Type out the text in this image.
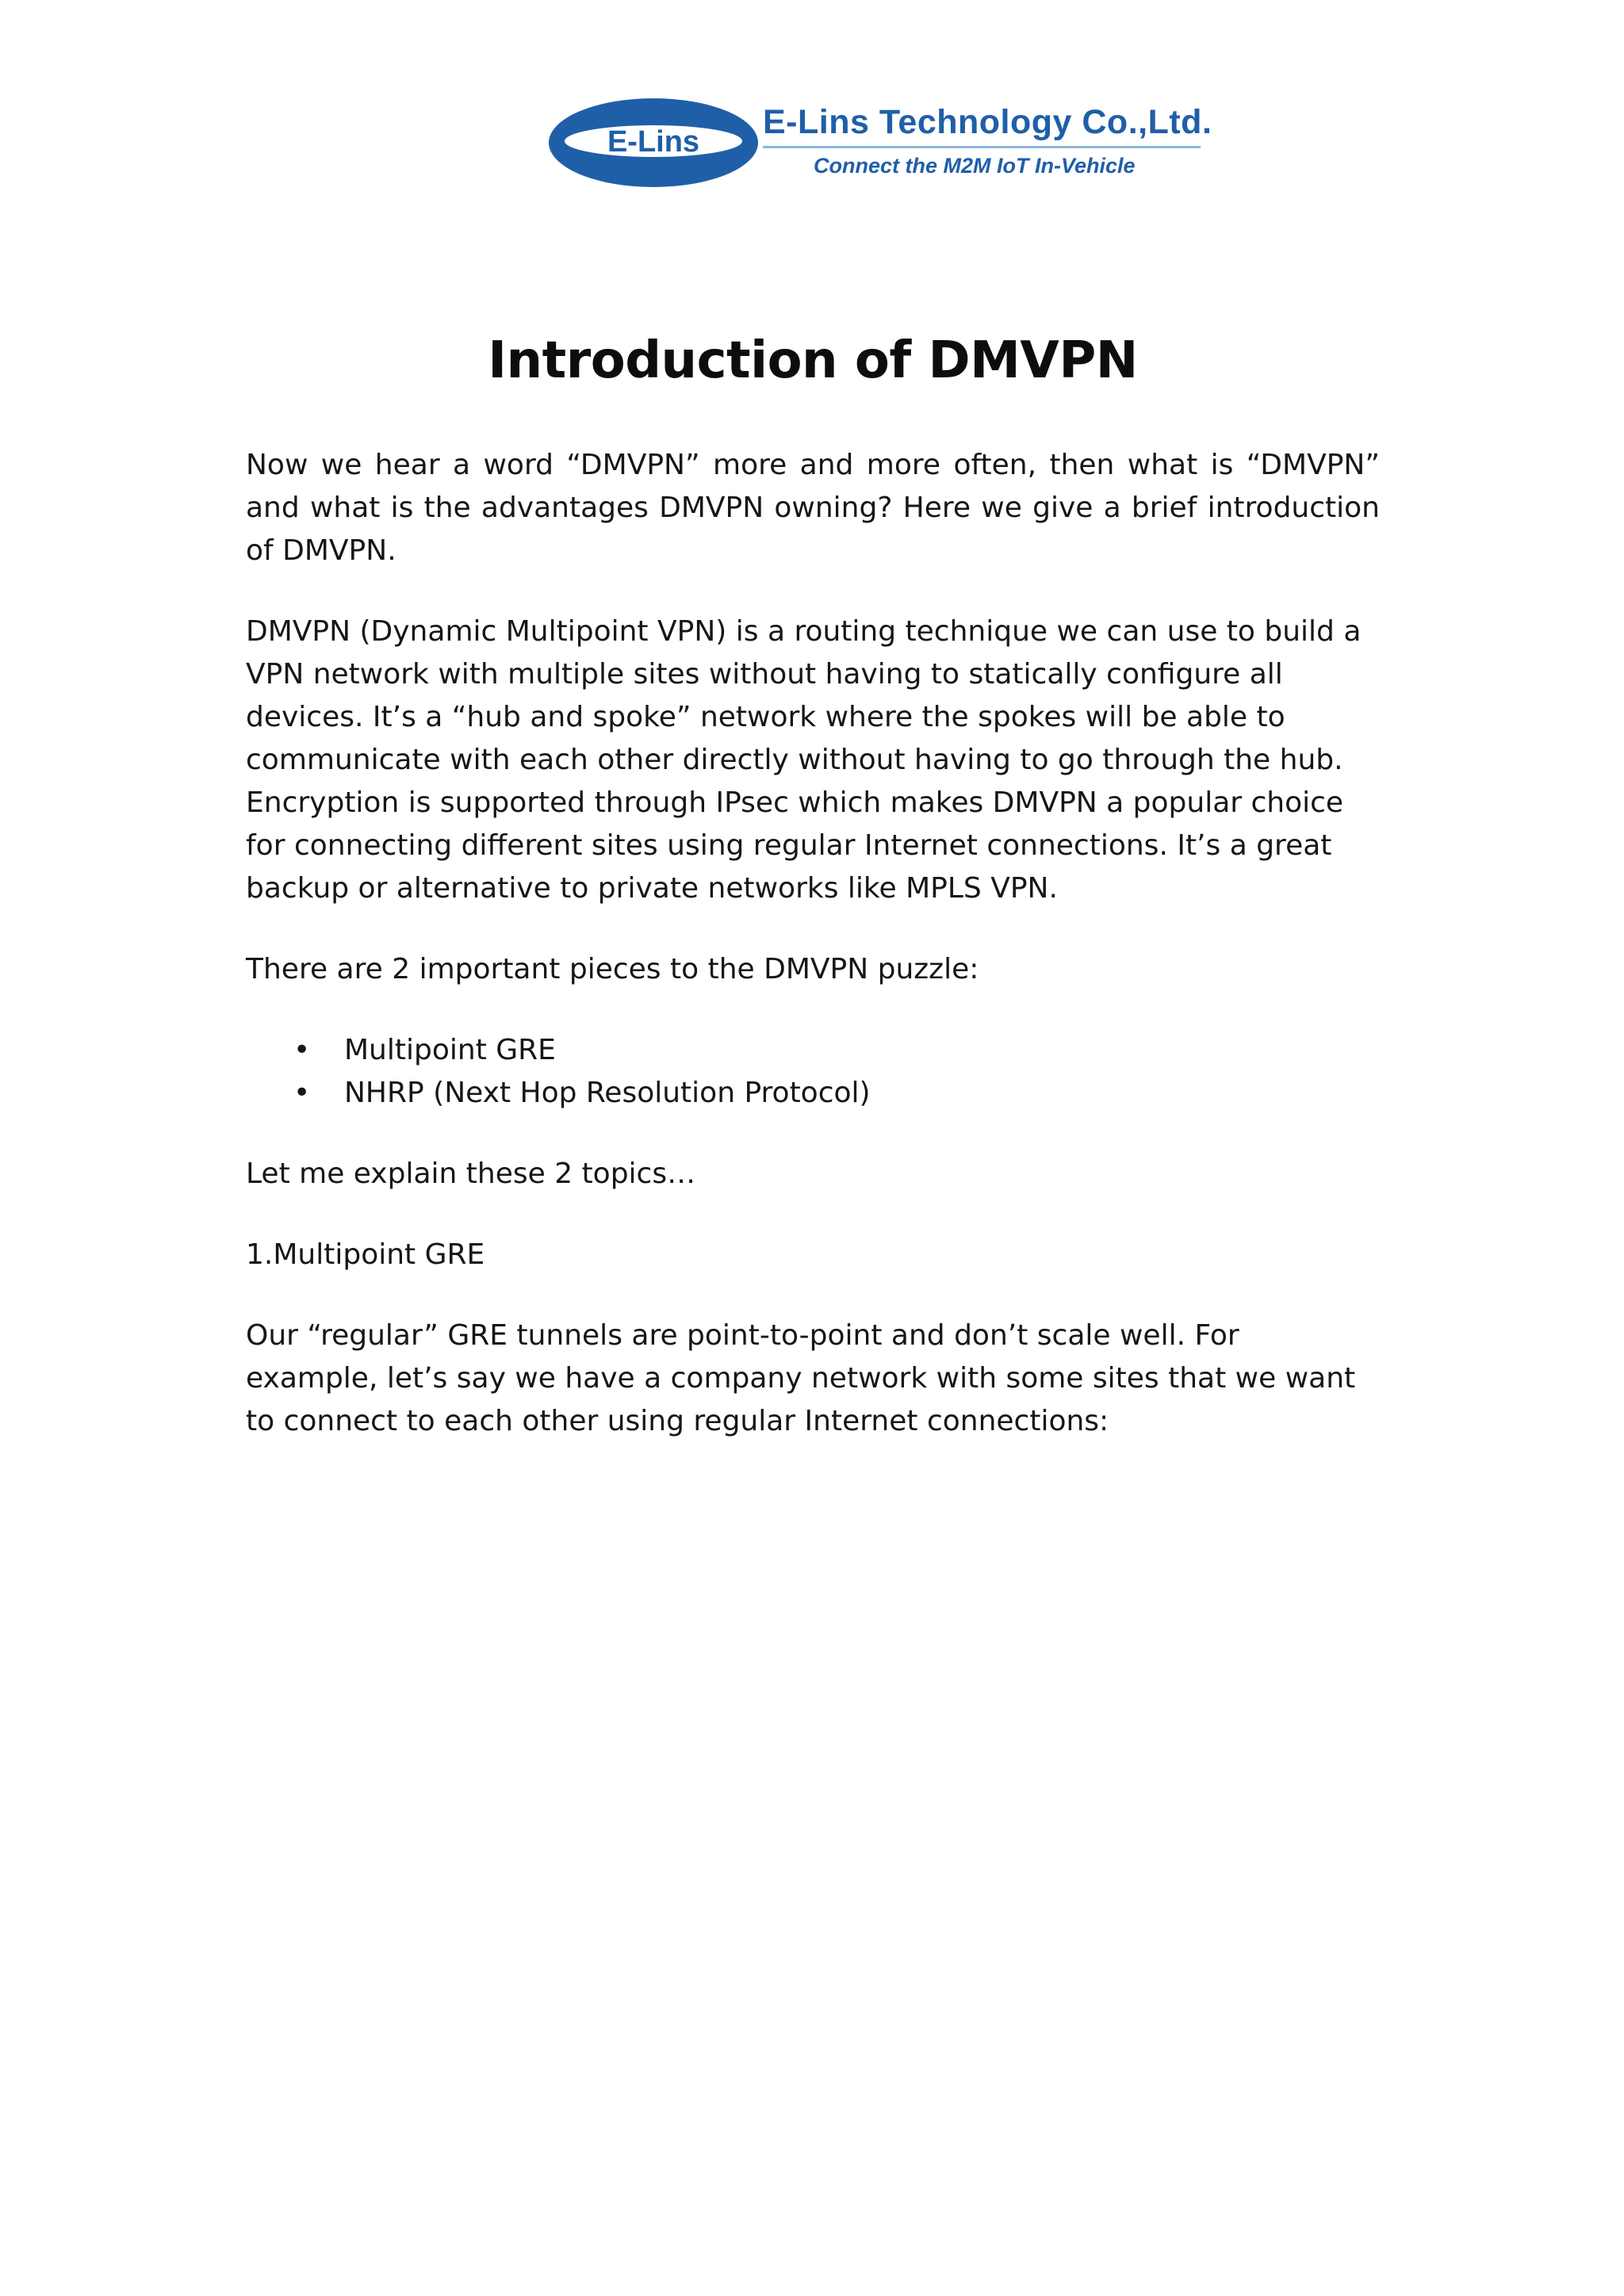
E-Lins
E-Lins Technology Co.,Ltd.
Connect the M2M IoT In-Vehicle
Introduction of DMVPN

Now we hear a word “DMVPN” more and more often, then what is “DMVPN” and what is the advantages DMVPN owning? Here we give a brief introduction of DMVPN.

DMVPN (Dynamic Multipoint VPN) is a routing technique we can use to build a VPN network with multiple sites without having to statically configure all devices. It’s a “hub and spoke” network where the spokes will be able to communicate with each other directly without having to go through the hub. Encryption is supported through IPsec which makes DMVPN a popular choice for connecting different sites using regular Internet connections. It’s a great backup or alternative to private networks like MPLS VPN.

There are 2 important pieces to the DMVPN puzzle:

• Multipoint GRE
• NHRP (Next Hop Resolution Protocol)

Let me explain these 2 topics…

1.Multipoint GRE

Our “regular” GRE tunnels are point-to-point and don’t scale well. For example, let’s say we have a company network with some sites that we want to connect to each other using regular Internet connections:
